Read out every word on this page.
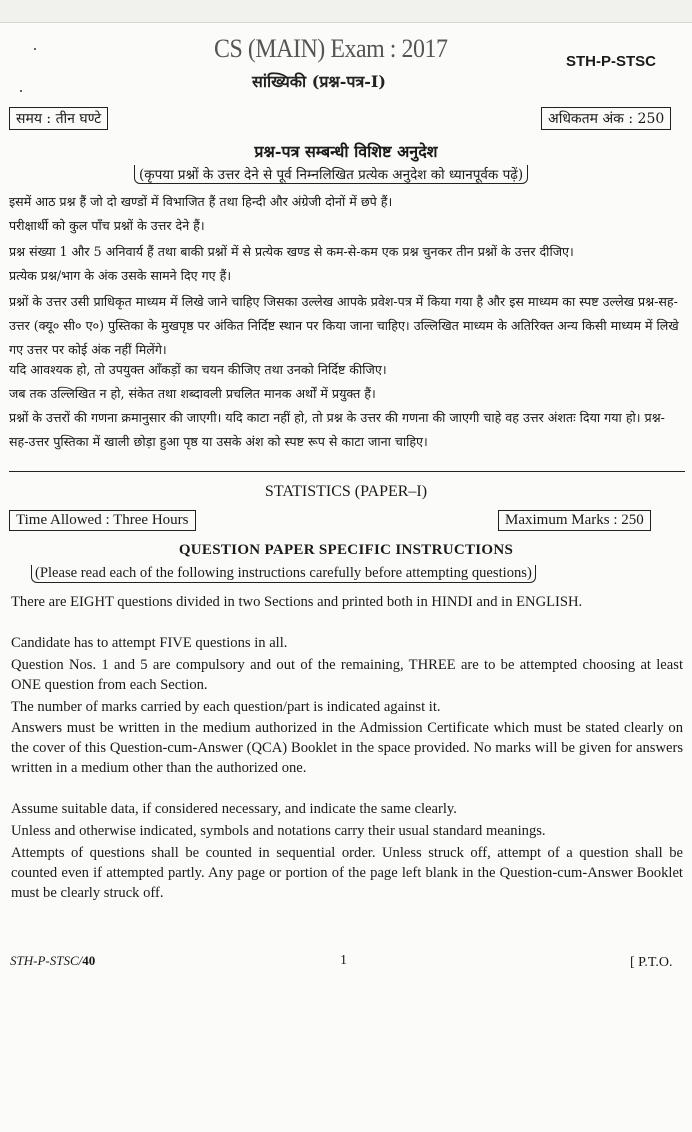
CS (MAIN) Exam : 2017
सांख्यिकी (प्रश्न-पत्र-I)
STH-P-STSC
समय : तीन घण्टे	अधिकतम अंक : 250
प्रश्न-पत्र सम्बन्धी विशिष्ट अनुदेश
(कृपया प्रश्नों के उत्तर देने से पूर्व निम्नलिखित प्रत्येक अनुदेश को ध्यानपूर्वक पढ़ें)
इसमें आठ प्रश्न हैं जो दो खण्डों में विभाजित हैं तथा हिन्दी और अंग्रेजी दोनों में छपे हैं।
परीक्षार्थी को कुल पाँच प्रश्नों के उत्तर देने हैं।
प्रश्न संख्या 1 और 5 अनिवार्य हैं तथा बाकी प्रश्नों में से प्रत्येक खण्ड से कम-से-कम एक प्रश्न चुनकर तीन प्रश्नों के उत्तर दीजिए।
प्रत्येक प्रश्न/भाग के अंक उसके सामने दिए गए हैं।
प्रश्नों के उत्तर उसी प्राधिकृत माध्यम में लिखे जाने चाहिए जिसका उल्लेख आपके प्रवेश-पत्र में किया गया है और इस माध्यम का स्पष्ट उल्लेख प्रश्न-सह-उत्तर (क्यू० सी० ए०) पुस्तिका के मुखपृष्ठ पर अंकित निर्दिष्ट स्थान पर किया जाना चाहिए। उल्लिखित माध्यम के अतिरिक्त अन्य किसी माध्यम में लिखे गए उत्तर पर कोई अंक नहीं मिलेंगे।
यदि आवश्यक हो, तो उपयुक्त आँकड़ों का चयन कीजिए तथा उनको निर्दिष्ट कीजिए।
जब तक उल्लिखित न हो, संकेत तथा शब्दावली प्रचलित मानक अर्थों में प्रयुक्त हैं।
प्रश्नों के उत्तरों की गणना क्रमानुसार की जाएगी। यदि काटा नहीं हो, तो प्रश्न के उत्तर की गणना की जाएगी चाहे वह उत्तर अंशतः दिया गया हो। प्रश्न-सह-उत्तर पुस्तिका में खाली छोड़ा हुआ पृष्ठ या उसके अंश को स्पष्ट रूप से काटा जाना चाहिए।
STATISTICS (PAPER–I)
Time Allowed : Three Hours	Maximum Marks : 250
QUESTION PAPER SPECIFIC INSTRUCTIONS
(Please read each of the following instructions carefully before attempting questions)
There are EIGHT questions divided in two Sections and printed both in HINDI and in ENGLISH.
Candidate has to attempt FIVE questions in all.
Question Nos. 1 and 5 are compulsory and out of the remaining, THREE are to be attempted choosing at least ONE question from each Section.
The number of marks carried by each question/part is indicated against it.
Answers must be written in the medium authorized in the Admission Certificate which must be stated clearly on the cover of this Question-cum-Answer (QCA) Booklet in the space provided. No marks will be given for answers written in a medium other than the authorized one.
Assume suitable data, if considered necessary, and indicate the same clearly.
Unless and otherwise indicated, symbols and notations carry their usual standard meanings.
Attempts of questions shall be counted in sequential order. Unless struck off, attempt of a question shall be counted even if attempted partly. Any page or portion of the page left blank in the Question-cum-Answer Booklet must be clearly struck off.
STH-P-STSC/40	1	[ P.T.O.
